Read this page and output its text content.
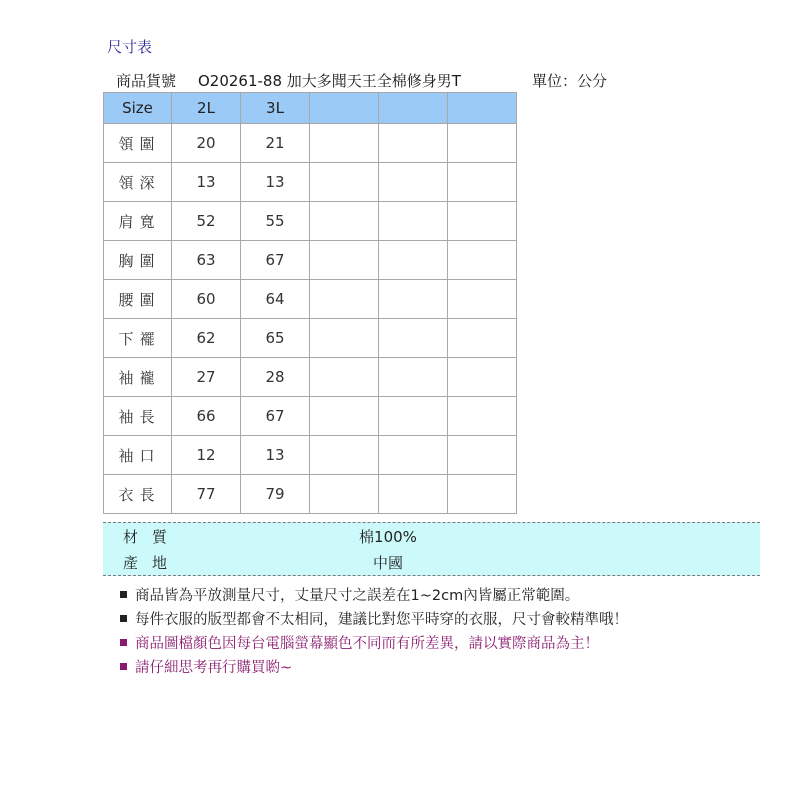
尺寸表
商品貨號 O20261-88 加大多聞天王全棉修身男T	單位：公分
Size	2L	3L			
領圍	20	21			
領深	13	13			
肩寬	52	55			
胸圍	63	67			
腰圍	60	64			
下襬	62	65			
袖襱	27	28			
袖長	66	67			
袖口	12	13			
衣長	77	79			
材質	棉100%
產地	中國
商品皆為平放測量尺寸，丈量尺寸之誤差在1~2cm內皆屬正常範圍。
每件衣服的版型都會不太相同，建議比對您平時穿的衣服，尺寸會較精準哦！
商品圖檔顏色因每台電腦螢幕顯色不同而有所差異，請以實際商品為主！
請仔細思考再行購買喲~
